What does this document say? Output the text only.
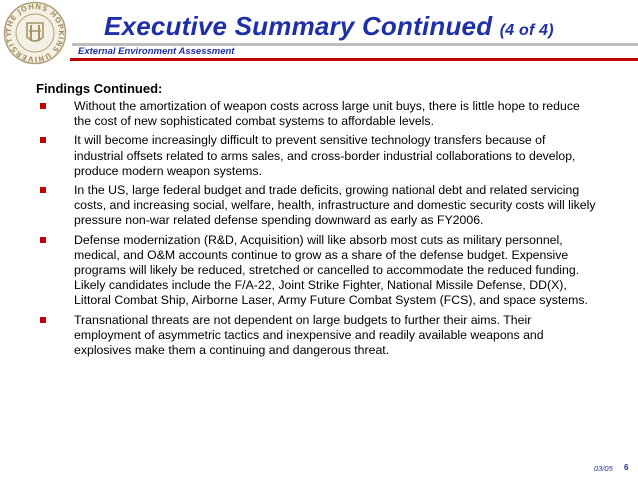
THE JOHNS HOPKINS UNIVERSITY	Executive Summary Continued (4 of 4)
External Environment Assessment
Findings Continued:
Without the amortization of weapon costs across large unit buys, there is little hope to reduce the cost of new sophisticated combat systems to affordable levels.
It will become increasingly difficult to prevent sensitive technology transfers because of industrial offsets related to arms sales, and cross-border industrial collaborations to develop, produce modern weapon systems.
In the US, large federal budget and trade deficits, growing national debt and related servicing costs, and increasing social, welfare, health, infrastructure and domestic security costs will likely pressure non-war related defense spending downward as early as FY2006.
Defense modernization (R&D, Acquisition) will like absorb most cuts as military personnel, medical, and O&M accounts continue to grow as a share of the defense budget. Expensive programs will likely be reduced, stretched or cancelled to accommodate the reduced funding. Likely candidates include the F/A-22, Joint Strike Fighter, National Missile Defense, DD(X), Littoral Combat Ship, Airborne Laser, Army Future Combat System (FCS), and space systems.
Transnational threats are not dependent on large budgets to further their aims. Their employment of asymmetric tactics and inexpensive and readily available weapons and explosives make them a continuing and dangerous threat.
03/05 6
